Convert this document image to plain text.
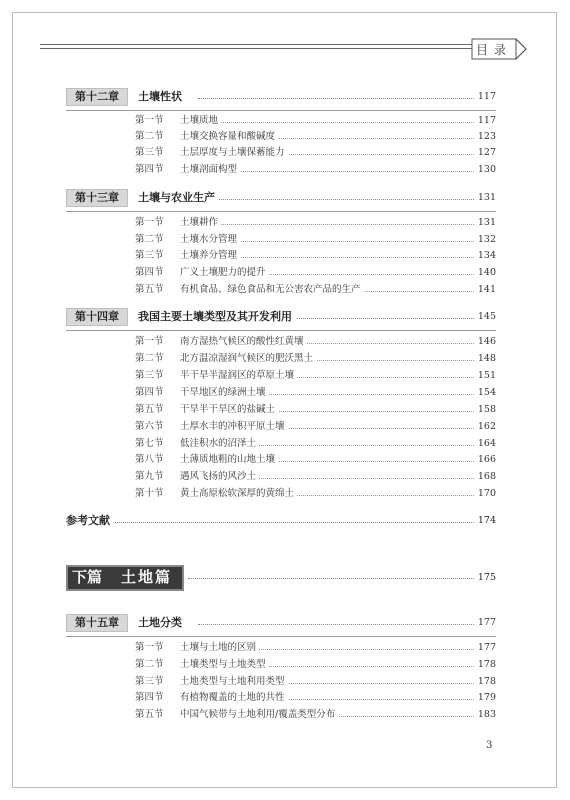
目录
第十二章	土壤性状	117
第一节 土壤质地	117
第二节 土壤交换容量和酸碱度	123
第三节 土层厚度与土壤保蓄能力	127
第四节 土壤剖面构型	130
第十三章	土壤与农业生产	131
第一节 土壤耕作	131
第二节 土壤水分管理	132
第三节 土壤养分管理	134
第四节 广义土壤肥力的提升	140
第五节 有机食品、绿色食品和无公害农产品的生产	141
第十四章	我国主要土壤类型及其开发利用	145
第一节 南方湿热气候区的酸性红黄壤	146
第二节 北方温凉湿润气候区的肥沃黑土	148
第三节 半干旱半湿润区的草原土壤	151
第四节 干旱地区的绿洲土壤	154
第五节 干旱半干旱区的盐碱土	158
第六节 土厚水丰的冲积平原土壤	162
第七节 低洼积水的沼泽土	164
第八节 土薄质地粗的山地土壤	166
第九节 遇风飞扬的风沙土	168
第十节 黄土高原松软深厚的黄绵土	170
参考文献	174
下篇 土地篇	175
第十五章	土地分类	177
第一节 土壤与土地的区别	177
第二节 土壤类型与土地类型	178
第三节 土地类型与土地利用类型	178
第四节 有植物覆盖的土地的共性	179
第五节 中国气候带与土地利用/覆盖类型分布	183
3
